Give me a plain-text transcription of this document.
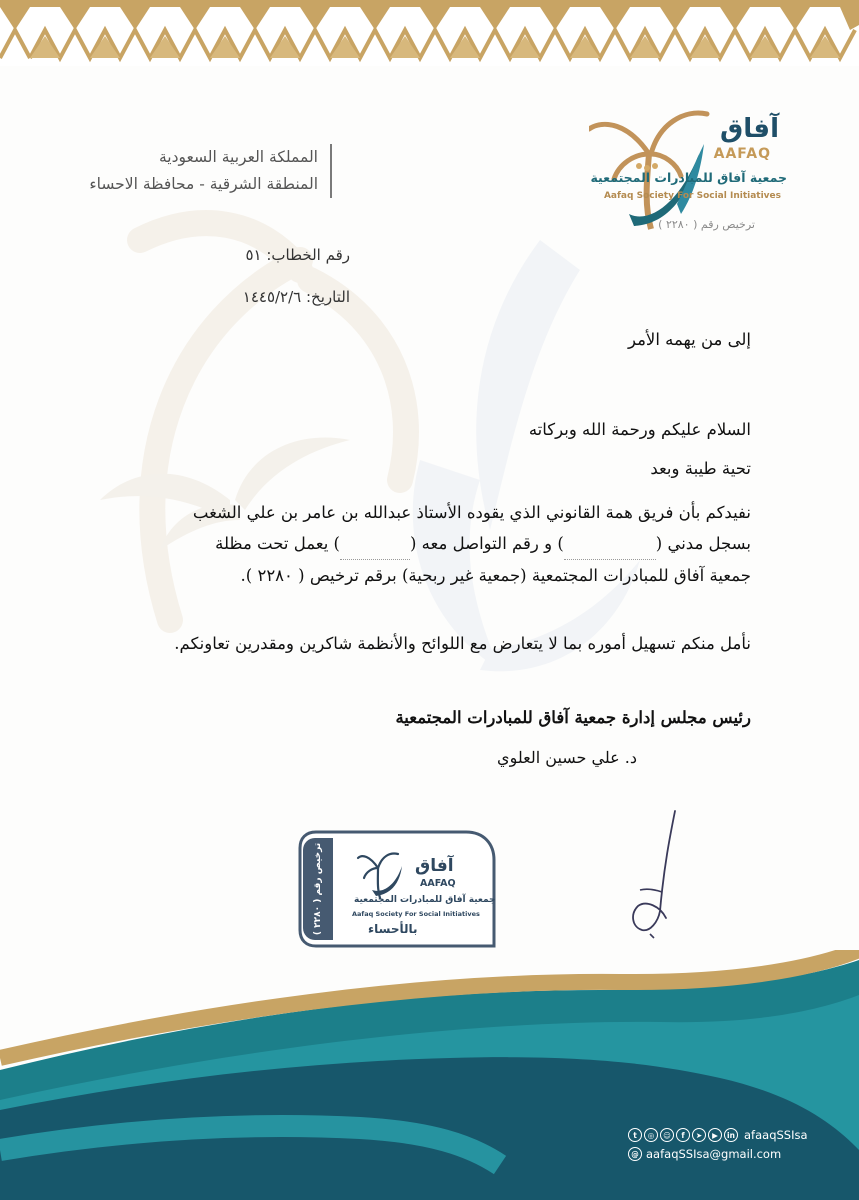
آفاق
AAFAQ
جمعية آفاق للمبادرات المجتمعية
Aafaq Society For Social Initiatives
ترخيص رقم ( ٢٢٨٠ )
المملكة العربية السعودية
المنطقة الشرقية - محافظة الاحساء
رقم الخطاب: ٥١
التاريخ: ١٤٤٥/٢/٦
إلى من يهمه الأمر
السلام عليكم ورحمة الله وبركاته
تحية طيبة وبعد
نفيدكم بأن فريق همة القانوني الذي يقوده الأستاذ عبدالله بن عامر بن علي الشغب
بسجل مدني () و رقم التواصل معه () يعمل تحت مظلة
جمعية آفاق للمبادرات المجتمعية (جمعية غير ربحية) برقم ترخيص ( ٢٢٨٠ ).
نأمل منكم تسهيل أموره بما لا يتعارض مع اللوائح والأنظمة شاكرين ومقدرين تعاونكم.
رئيس مجلس إدارة جمعية آفاق للمبادرات المجتمعية
د. علي حسين العلوي
ترخيص رقم ( ٢٢٨٠ )	آفاق
AAFAQ
جمعية آفاق للمبادرات المجتمعية
Aafaq Society For Social Initiatives
بالأحساء
t	◎	☺	f	➤	▶	in afaaqSSIsa
@ aafaqSSIsa@gmail.com
